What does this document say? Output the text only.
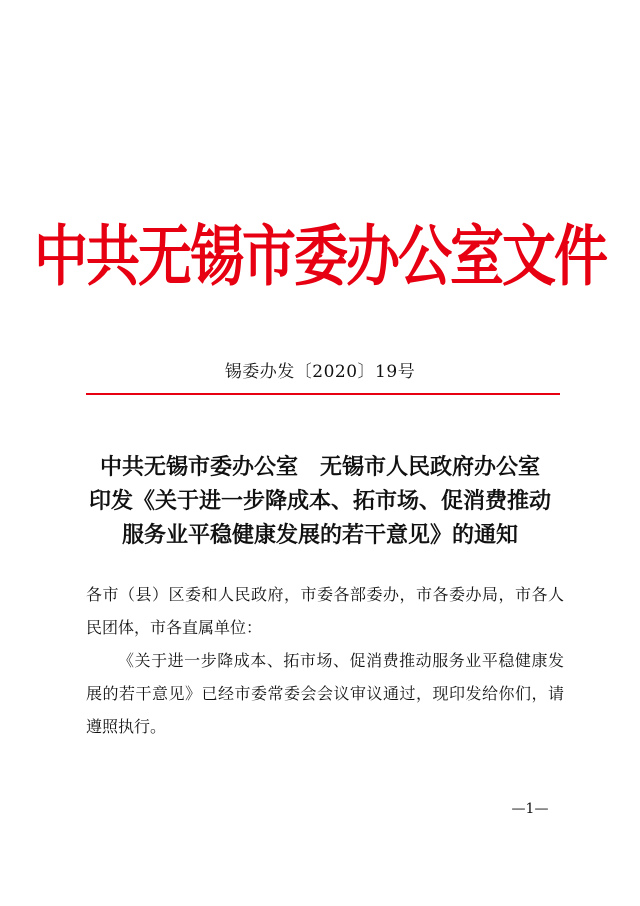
中共无锡市委办公室文件
锡委办发〔2020〕19号
中共无锡市委办公室　无锡市人民政府办公室
印发《关于进一步降成本、拓市场、促消费推动
服务业平稳健康发展的若干意见》的通知

各市（县）区委和人民政府，市委各部委办，市各委办局，市各人民团体，市各直属单位：

《关于进一步降成本、拓市场、促消费推动服务业平稳健康发展的若干意见》已经市委常委会会议审议通过，现印发给你们，请遵照执行。

—1—
